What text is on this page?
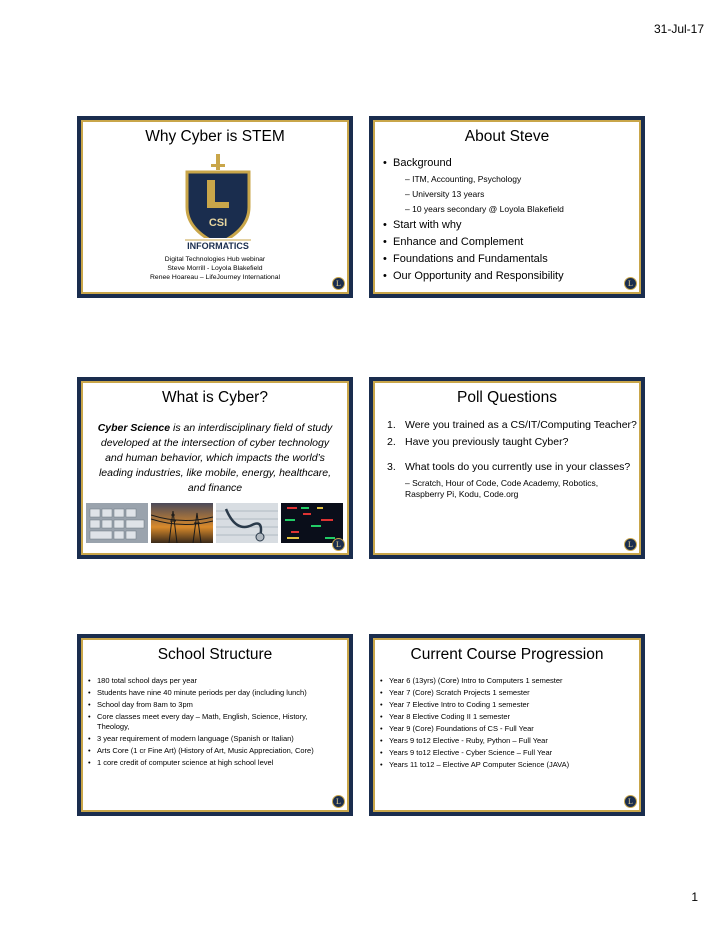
31-Jul-17
Why Cyber is STEM
CSI
INFORMATICS
Digital Technologies Hub webinar
Steve Morrill - Loyola Blakefield
Renee Hoareau – LifeJourney International
L
About Steve
• Background
– ITM, Accounting, Psychology
– University 13 years
– 10 years secondary @ Loyola Blakefield
• Start with why
• Enhance and Complement
• Foundations and Fundamentals
• Our Opportunity and Responsibility
L
What is Cyber?
Cyber Science is an interdisciplinary field of study developed at the intersection of cyber technology and human behavior, which impacts the world’s leading industries, like mobile, energy, healthcare, and finance
L
Poll Questions
1. Were you trained as a CS/IT/Computing Teacher?
2. Have you previously taught Cyber?
3. What tools do you currently use in your classes?
– Scratch, Hour of Code, Code Academy, Robotics, Raspberry Pi, Kodu, Code.org
L
School Structure
• 180 total school days per year
• Students have nine 40 minute periods per day (including lunch)
• School day from 8am to 3pm
• Core classes meet every day – Math, English, Science, History, Theology,
• 3 year requirement of modern language (Spanish or Italian)
• Arts Core (1 cr Fine Art) (History of Art, Music Appreciation, Core)
• 1 core credit of computer science at high school level
L
Current Course Progression
• Year 6 (13yrs) (Core) Intro to Computers 1 semester
• Year 7 (Core) Scratch Projects 1 semester
• Year 7 Elective Intro to Coding 1 semester
• Year 8 Elective Coding II 1 semester
• Year 9 (Core) Foundations of CS - Full Year
• Years 9 to12 Elective - Ruby, Python – Full Year
• Years 9 to12 Elective - Cyber Science – Full Year
• Years 11 to12 – Elective AP Computer Science (JAVA)
L
1
